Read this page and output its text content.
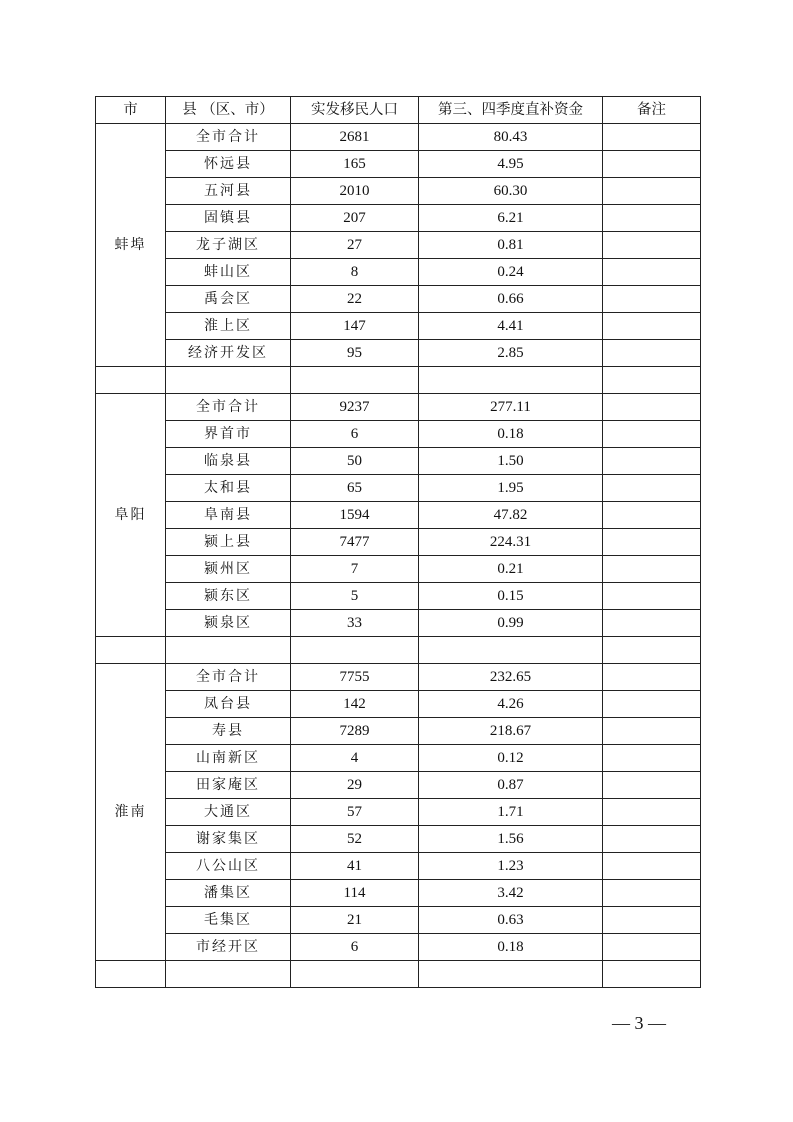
市	县 （区、市）	实发移民人口	第三、四季度直补资金	备注
蚌埠	全市合计	2681	80.43	
	怀远县	165	4.95	
	五河县	2010	60.30	
	固镇县	207	6.21	
	龙子湖区	27	0.81	
	蚌山区	8	0.24	
	禹会区	22	0.66	
	淮上区	147	4.41	
	经济开发区	95	2.85	

阜阳	全市合计	9237	277.11	
	界首市	6	0.18	
	临泉县	50	1.50	
	太和县	65	1.95	
	阜南县	1594	47.82	
	颍上县	7477	224.31	
	颍州区	7	0.21	
	颍东区	5	0.15	
	颍泉区	33	0.99	

淮南	全市合计	7755	232.65	
	凤台县	142	4.26	
	寿县	7289	218.67	
	山南新区	4	0.12	
	田家庵区	29	0.87	
	大通区	57	1.71	
	谢家集区	52	1.56	
	八公山区	41	1.23	
	潘集区	114	3.42	
	毛集区	21	0.63	
	市经开区	6	0.18	

— 3 —
